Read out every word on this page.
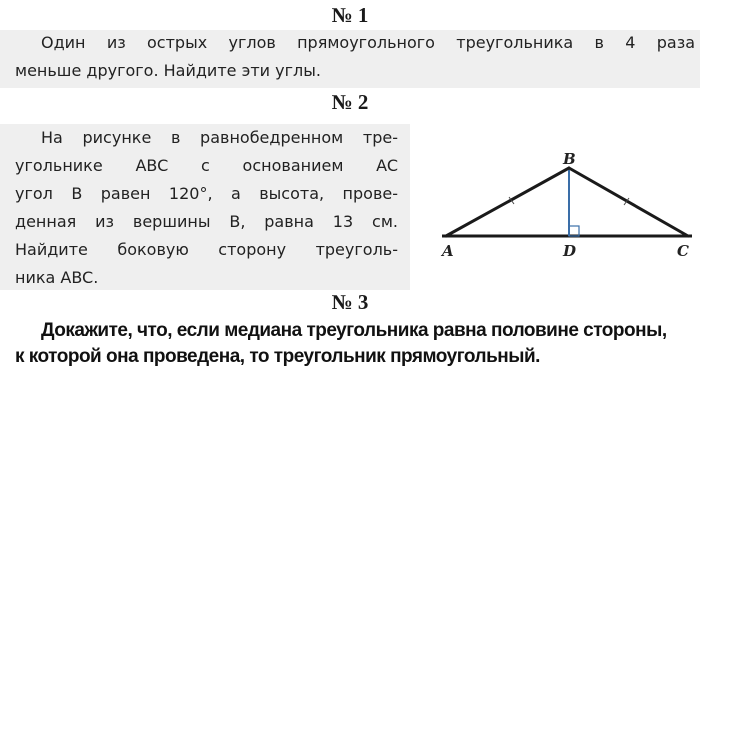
№ 1
Один из острых углов прямоугольного треугольника в 4 раза
меньше другого. Найдите эти углы.
№ 2
На рисунке в равнобедренном тре-
угольнике ABC с основанием AC
угол B равен 120°, а высота, прове-
денная из вершины B, равна 13 см.
Найдите боковую сторону треуголь-
ника ABC.
B
A	D	C
№ 3
Докажите, что, если медиана треугольника равна половине стороны,
к которой она проведена, то треугольник прямоугольный.
